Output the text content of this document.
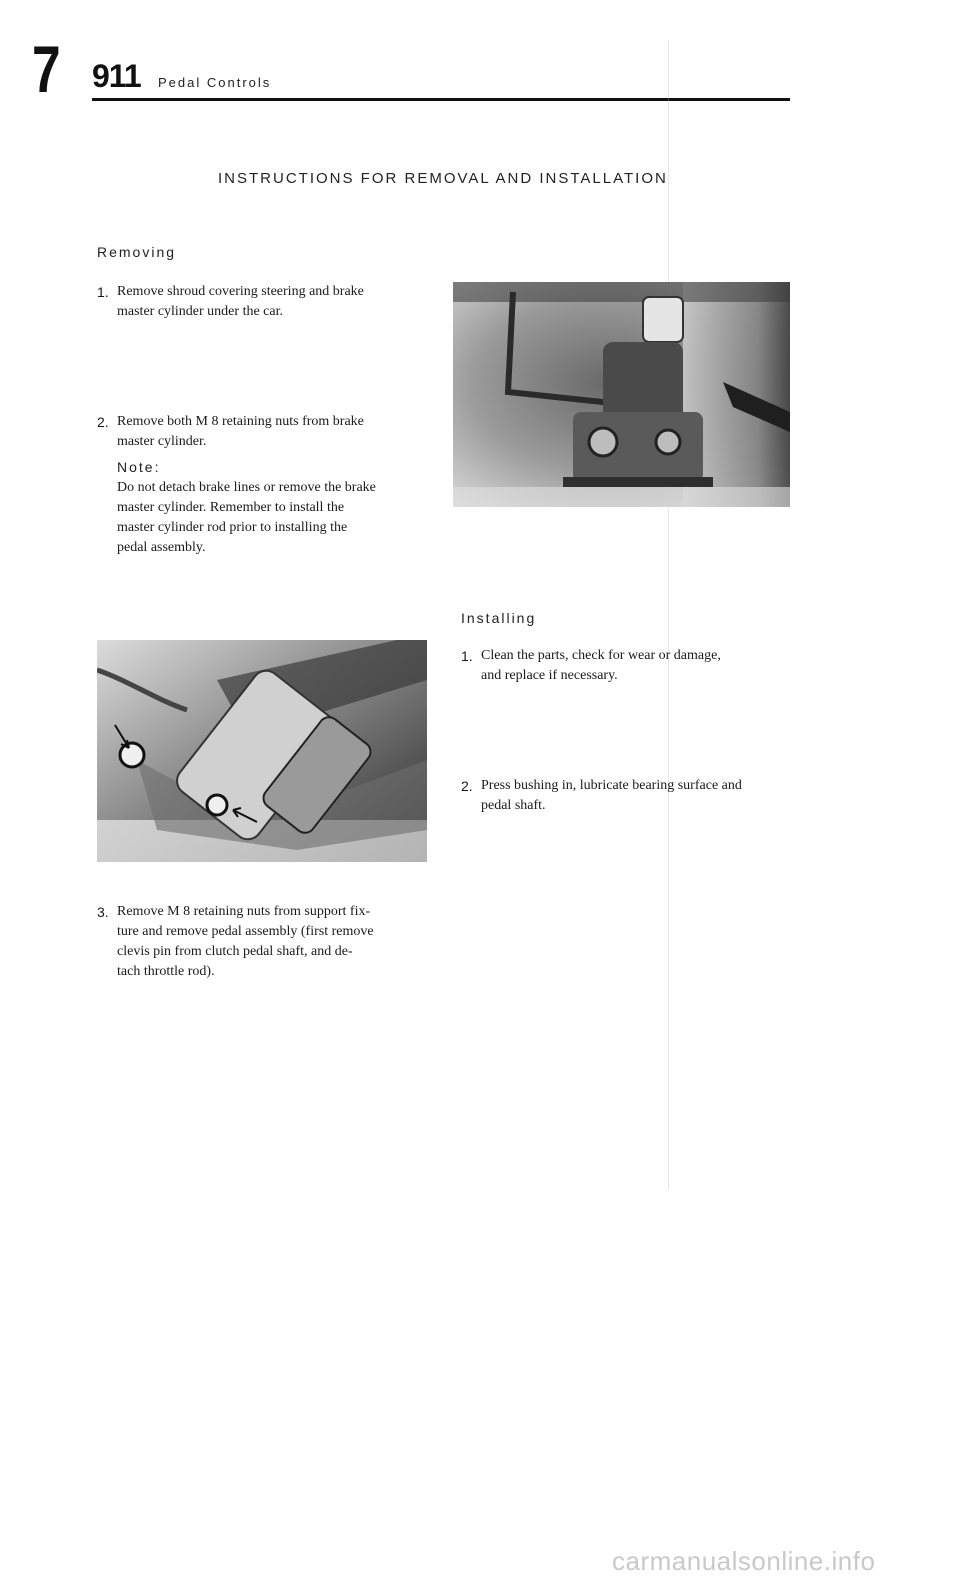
7 911 Pedal Controls
INSTRUCTIONS FOR REMOVAL AND INSTALLATION
Removing
1. Remove shroud covering steering and brake
master cylinder under the car.
2. Remove both M 8 retaining nuts from brake
master cylinder.
Note:
Do not detach brake lines or remove the brake
master cylinder. Remember to install the
master cylinder rod prior to installing the
pedal assembly.
3. Remove M 8 retaining nuts from support fix-
ture and remove pedal assembly (first remove
clevis pin from clutch pedal shaft, and de-
tach throttle rod).
Installing
1. Clean the parts, check for wear or damage,
and replace if necessary.
2. Press bushing in, lubricate bearing surface and
pedal shaft.
carmanualsonline.info
